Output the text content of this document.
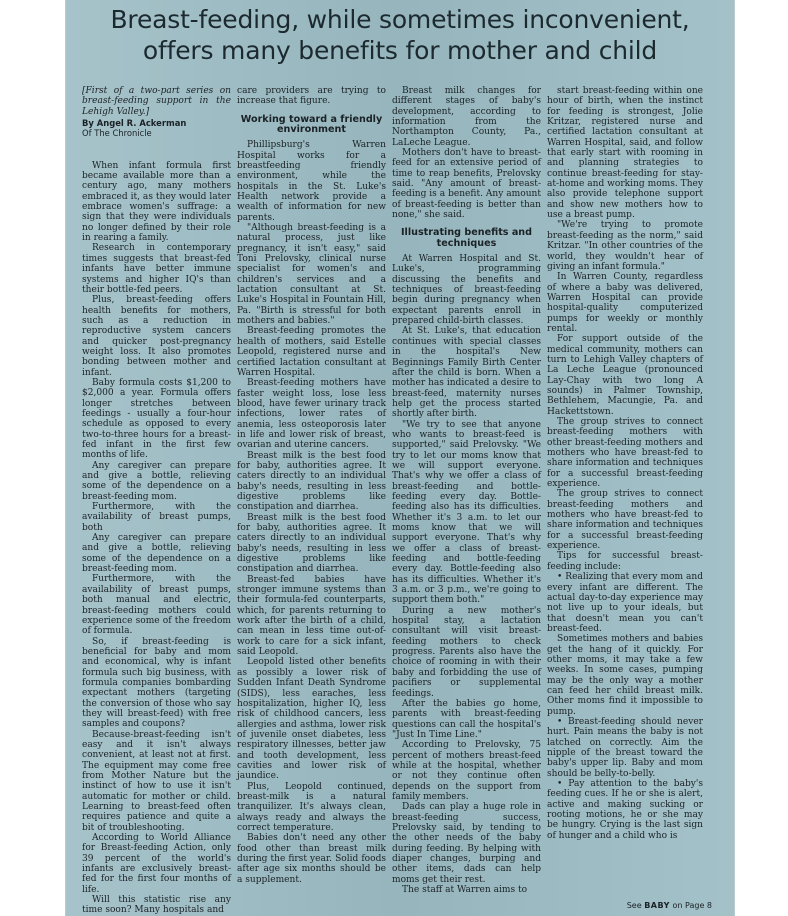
Breast-feeding, while sometimes inconvenient,
offers many benefits for mother and child

[First of a two-part series on breast-feeding support in the Lehigh Valley.]

By Angel R. Ackerman

Of The Chronicle

When infant formula first became available more than a century ago, many mothers embraced it, as they would later embrace women's suffrage: a sign that they were individuals no longer defined by their role in rearing a family.

Research in contemporary times suggests that breast-fed infants have better immune systems and higher IQ's than their bottle-fed peers.

Plus, breast-feeding offers health benefits for mothers, such as a reduction in reproductive system cancers and quicker post-pregnancy weight loss. It also promotes bonding between mother and infant.

Baby formula costs $1,200 to $2,000 a year. Formula offers longer stretches between feedings - usually a four-hour schedule as opposed to every two-to-three hours for a breast-fed infant in the first few months of life.

Any caregiver can prepare and give a bottle, relieving some of the dependence on a breast-feeding mom.

Furthermore, with the availability of breast pumps, both

Any caregiver can prepare and give a bottle, relieving some of the dependence on a breast-feeding mom.

Furthermore, with the availability of breast pumps, both manual and electric, breast-feeding mothers could experience some of the freedom of formula.

So, if breast-feeding is beneficial for baby and mom and economical, why is infant formula such big business, with formula companies bombarding expectant mothers (targeting the conversion of those who say they will breast-feed) with free samples and coupons?

Because-breast-feeding isn't easy and it isn't always convenient, at least not at first. The equipment may come free from Mother Nature but the instinct of how to use it isn't automatic for mother or child. Learning to breast-feed often requires patience and quite a bit of troubleshooting.

According to World Alliance for Breast-feeding Action, only 39 percent of the world's infants are exclusively breast-fed for the first four months of life.

Will this statistic rise any time soon? Many hospitals and

care providers are trying to increase that figure.

Working toward a friendly environment

Phillipsburg's Warren Hospital works for a breastfeeding friendly environment, while the hospitals in the St. Luke's Health network provide a wealth of information for new parents.

"Although breast-feeding is a natural process, just like pregnancy, it isn't easy," said Toni Prelovsky, clinical nurse specialist for women's and children's services and a lactation consultant at St. Luke's Hospital in Fountain Hill, Pa. "Birth is stressful for both mothers and babies."

Breast-feeding promotes the health of mothers, said Estelle Leopold, registered nurse and certified lactation consultant at Warren Hospital.

Breast-feeding mothers have faster weight loss, lose less blood, have fewer urinary track infections, lower rates of anemia, less osteoporosis later in life and lower risk of breast, ovarian and uterine cancers.

Breast milk is the best food for baby, authorities agree. It caters directly to an individual baby's needs, resulting in less digestive problems like constipation and diarrhea.

Breast milk is the best food for baby, authorities agree. It caters directly to an individual baby's needs, resulting in less digestive problems like constipation and diarrhea.

Breast-fed babies have stronger immune systems than their formula-fed counterparts, which, for parents returning to work after the birth of a child, can mean in less time out-of-work to care for a sick infant, said Leopold.

Leopold listed other benefits as possibly a lower risk of Sudden Infant Death Syndrome (SIDS), less earaches, less hospitalization, higher IQ, less risk of childhood cancers, less allergies and asthma, lower risk of juvenile onset diabetes, less respiratory illnesses, better jaw and tooth development, less cavities and lower risk of jaundice.

Plus, Leopold continued, breast-milk is a natural tranquilizer. It's always clean, always ready and always the correct temperature.

Babies don't need any other food other than breast milk during the first year. Solid foods after age six months should be a supplement.

Breast milk changes for different stages of baby's development, according to information from the Northampton County, Pa., LaLeche League.

Mothers don't have to breast-feed for an extensive period of time to reap benefits, Prelovsky said. "Any amount of breast-feeding is a benefit. Any amount of breast-feeding is better than none," she said.

Illustrating benefits and techniques

At Warren Hospital and St. Luke's, programming discussing the benefits and techniques of breast-feeding begin during pregnancy when expectant parents enroll in prepared child-birth classes.

At St. Luke's, that education continues with special classes in the hospital's New Beginnings Family Birth Center after the child is born. When a mother has indicated a desire to breast-feed, maternity nurses help get the process started shortly after birth.

"We try to see that anyone who wants to breast-feed is supported," said Prelovsky. "We try to let our moms know that we will support everyone. That's why we offer a class of breast-feeding and bottle-feeding every day. Bottle-feeding also has its difficulties. Whether it's 3 a.m. to let our moms know that we will support everyone. That's why we offer a class of breast-feeding and bottle-feeding every day. Bottle-feeding also has its difficulties. Whether it's 3 a.m. or 3 p.m., we're going to support them both."

During a new mother's hospital stay, a lactation consultant will visit breast-feeding mothers to check progress. Parents also have the choice of rooming in with their baby and forbidding the use of pacifiers or supplemental feedings.

After the babies go home, parents with breast-feeding questions can call the hospital's "Just In Time Line."

According to Prelovsky, 75 percent of mothers breast-feed while at the hospital, whether or not they continue often depends on the support from family members.

Dads can play a huge role in breast-feeding success, Prelovsky said, by tending to the other needs of the baby during feeding. By helping with diaper changes, burping and other items, dads can help moms get their rest.

The staff at Warren aims to

start breast-feeding within one hour of birth, when the instinct for feeding is strongest, Jolie Kritzar, registered nurse and certified lactation consultant at Warren Hospital, said, and follow that early start with rooming in and planning strategies to continue breast-feeding for stay-at-home and working moms. They also provide telephone support and show new mothers how to use a breast pump.

"We're trying to promote breast-feeding as the norm," said Kritzar. "In other countries of the world, they wouldn't hear of giving an infant formula."

In Warren County, regardless of where a baby was delivered, Warren Hospital can provide hospital-quality computerized pumps for weekly or monthly rental.

For support outside of the medical community, mothers can turn to Lehigh Valley chapters of La Leche League (pronounced Lay-Chay with two long A sounds) in Palmer Township, Bethlehem, Macungie, Pa. and Hackettstown.

The group strives to connect breast-feeding mothers with other breast-feeding mothers and mothers who have breast-fed to share information and techniques for a successful breast-feeding experience.

The group strives to connect breast-feeding mothers and mothers who have breast-fed to share information and techniques for a successful breast-feeding experience.

Tips for successful breast-feeding include:

• Realizing that every mom and every infant are different. The actual day-to-day experience may not live up to your ideals, but that doesn't mean you can't breast-feed.

Sometimes mothers and babies get the hang of it quickly. For other moms, it may take a few weeks. In some cases, pumping may be the only way a mother can feed her child breast milk. Other moms find it impossible to pump.

• Breast-feeding should never hurt. Pain means the baby is not latched on correctly. Aim the nipple of the breast toward the baby's upper lip. Baby and mom should be belly-to-belly.

• Pay attention to the baby's feeding cues. If he or she is alert, active and making sucking or rooting motions, he or she may be hungry. Crying is the last sign of hunger and a child who is

See BABY on Page 8
